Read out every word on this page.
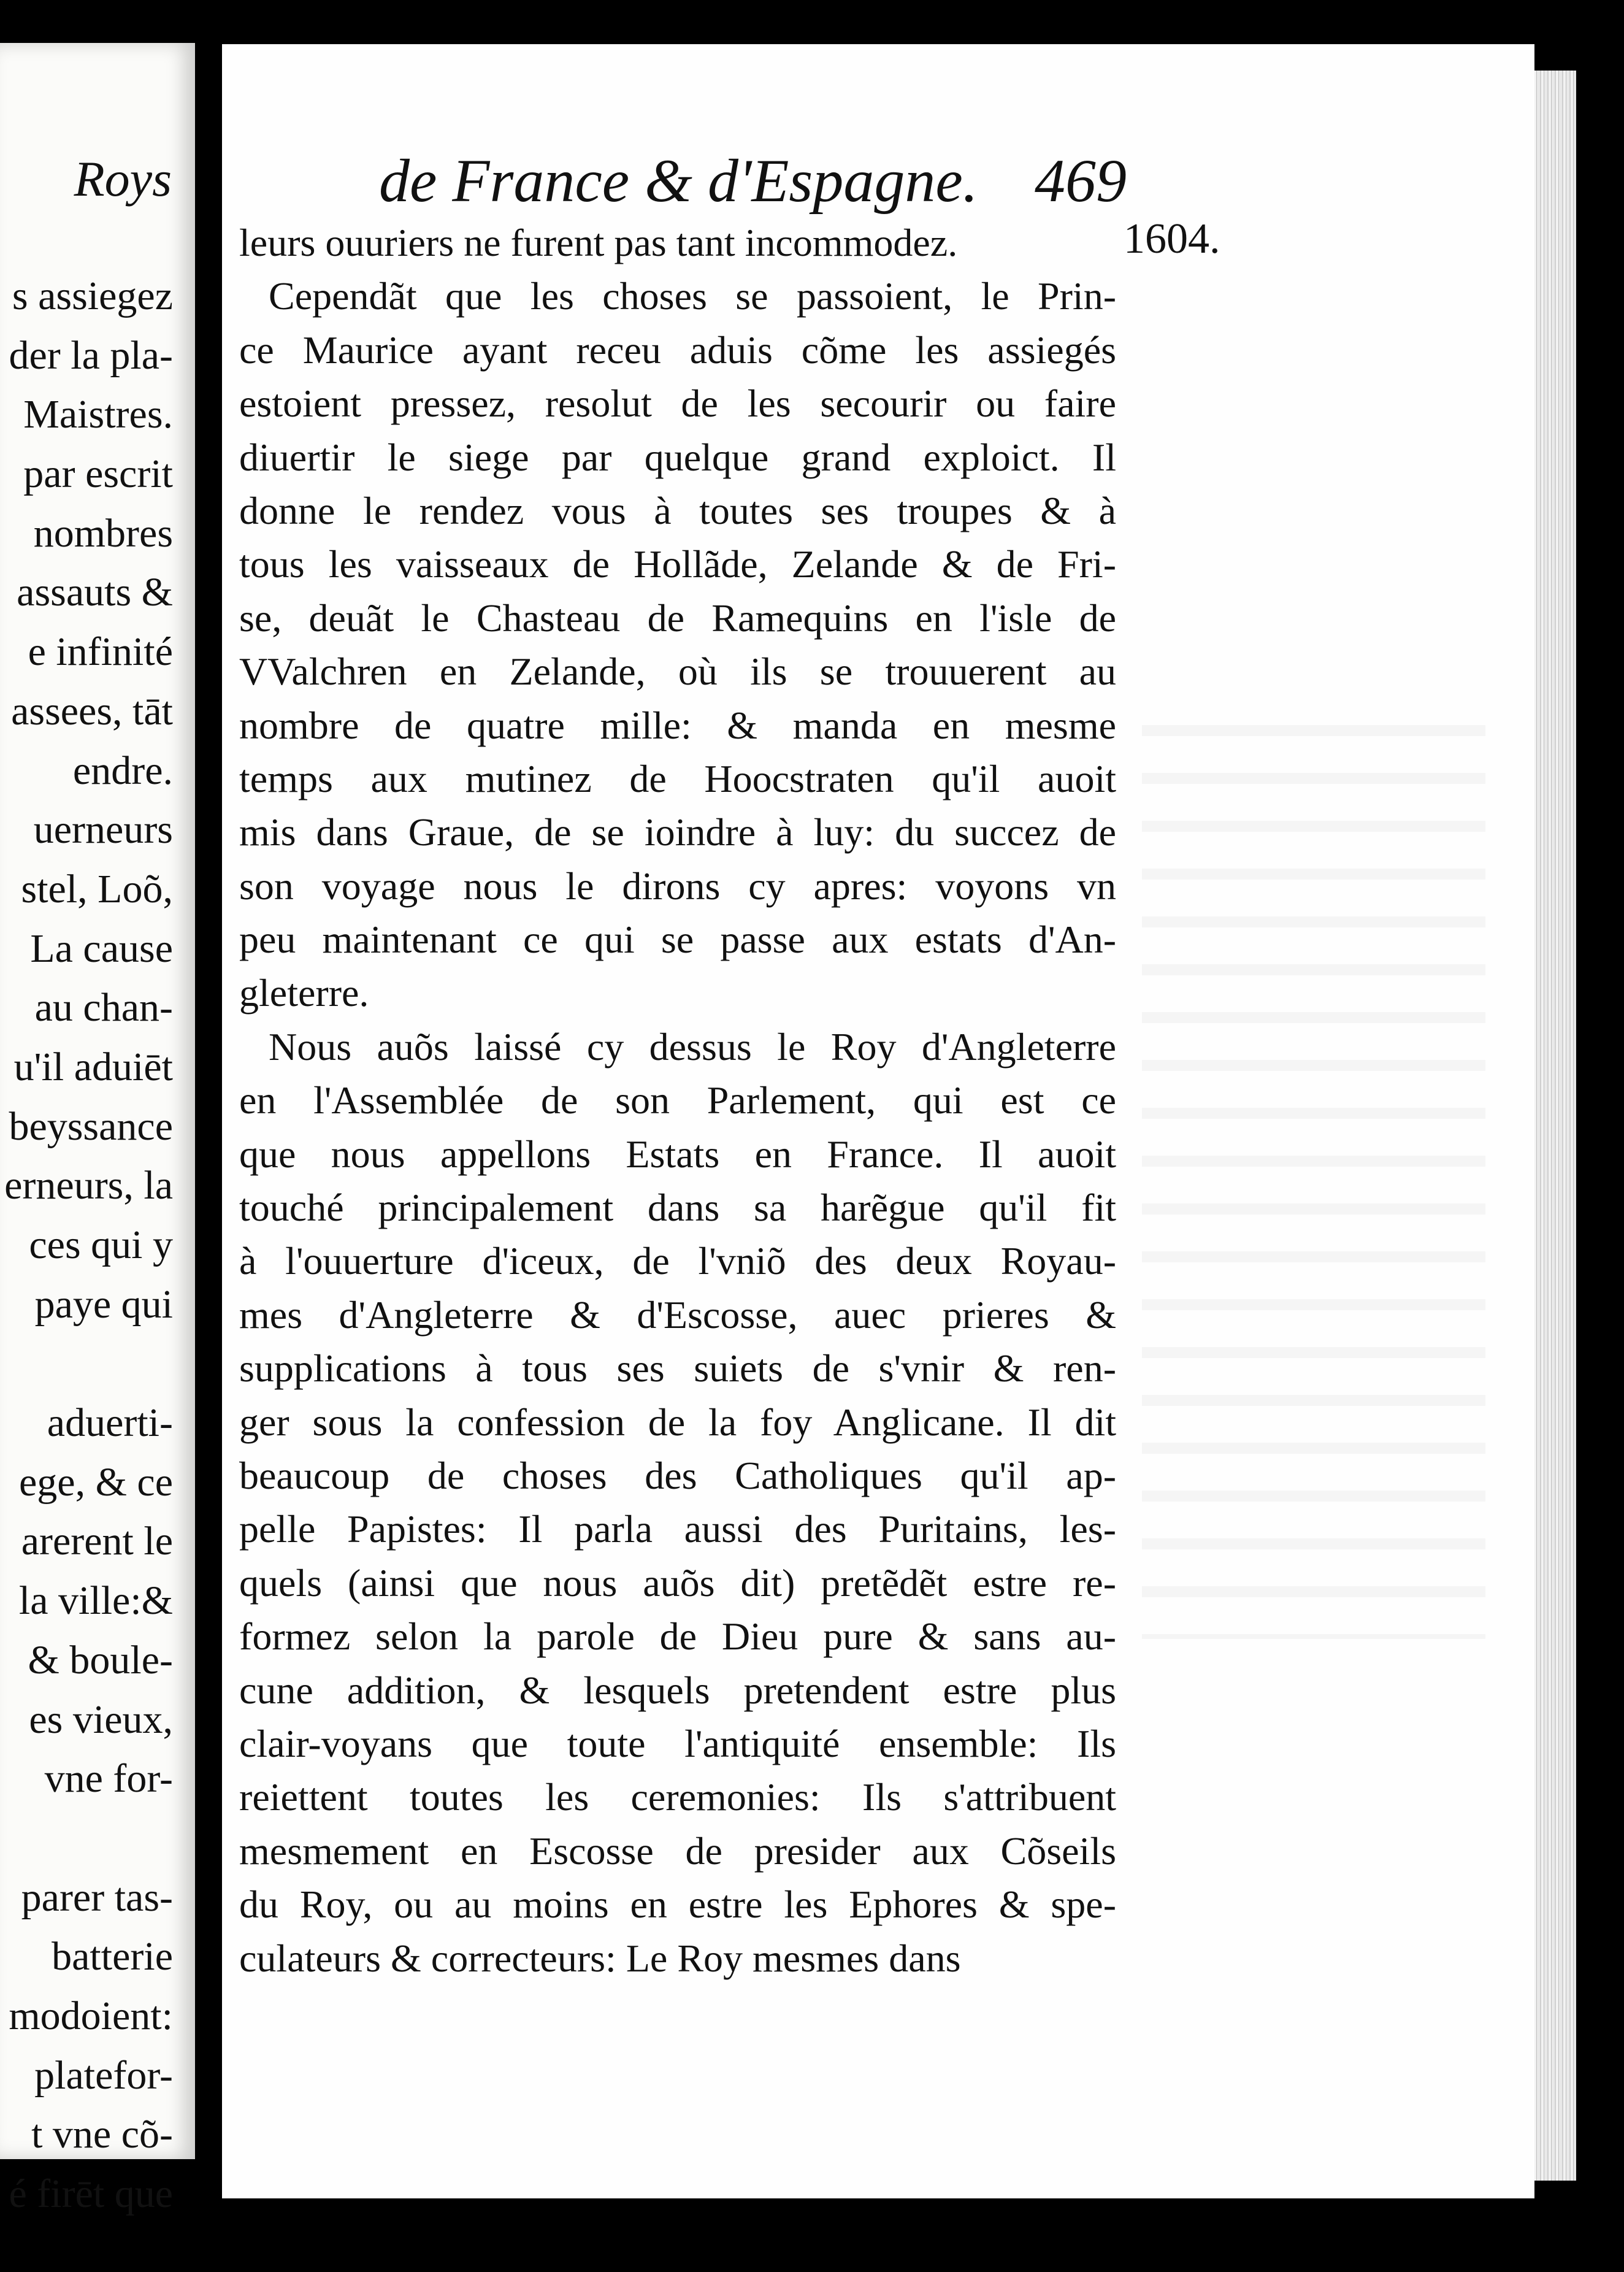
Roys
s assiegez
der la pla-
Maistres.
par escrit
nombres
assauts &
e infinité
assees, tāt
endre.
uerneurs
stel, Loõ,
La cause
au chan-
u'il aduiēt
beyssance
erneurs, la
ces qui y
paye qui
aduerti-
ege, & ce
arerent le
la ville:&
& boule-
es vieux,
vne for-
parer tas-
batterie
modoient:
platefor-
t vne cõ-
é firēt que
de France & d'Espagne. 469
1604.
leurs ouuriers ne furent pas tant incommodez.
Cependãt que les choses se passoient, le Prin-
ce Maurice ayant receu aduis cõme les assiegés
estoient pressez, resolut de les secourir ou faire
diuertir le siege par quelque grand exploict. Il
donne le rendez vous à toutes ses troupes & à
tous les vaisseaux de Hollãde, Zelande & de Fri-
se, deuãt le Chasteau de Ramequins en l'isle de
VValchren en Zelande, où ils se trouuerent au
nombre de quatre mille: & manda en mesme
temps aux mutinez de Hoocstraten qu'il auoit
mis dans Graue, de se ioindre à luy: du succez de
son voyage nous le dirons cy apres: voyons vn
peu maintenant ce qui se passe aux estats d'An-
gleterre.
Nous auõs laissé cy dessus le Roy d'Angleterre
en l'Assemblée de son Parlement, qui est ce
que nous appellons Estats en France. Il auoit
touché principalement dans sa harẽgue qu'il fit
à l'ouuerture d'iceux, de l'vniõ des deux Royau-
mes d'Angleterre & d'Escosse, auec prieres &
supplications à tous ses suiets de s'vnir & ren-
ger sous la confession de la foy Anglicane. Il dit
beaucoup de choses des Catholiques qu'il ap-
pelle Papistes: Il parla aussi des Puritains, les-
quels (ainsi que nous auõs dit) pretẽdẽt estre re-
formez selon la parole de Dieu pure & sans au-
cune addition, & lesquels pretendent estre plus
clair-voyans que toute l'antiquité ensemble: Ils
reiettent toutes les ceremonies: Ils s'attribuent
mesmement en Escosse de presider aux Cõseils
du Roy, ou au moins en estre les Ephores & spe-
culateurs & correcteurs: Le Roy mesmes dans
